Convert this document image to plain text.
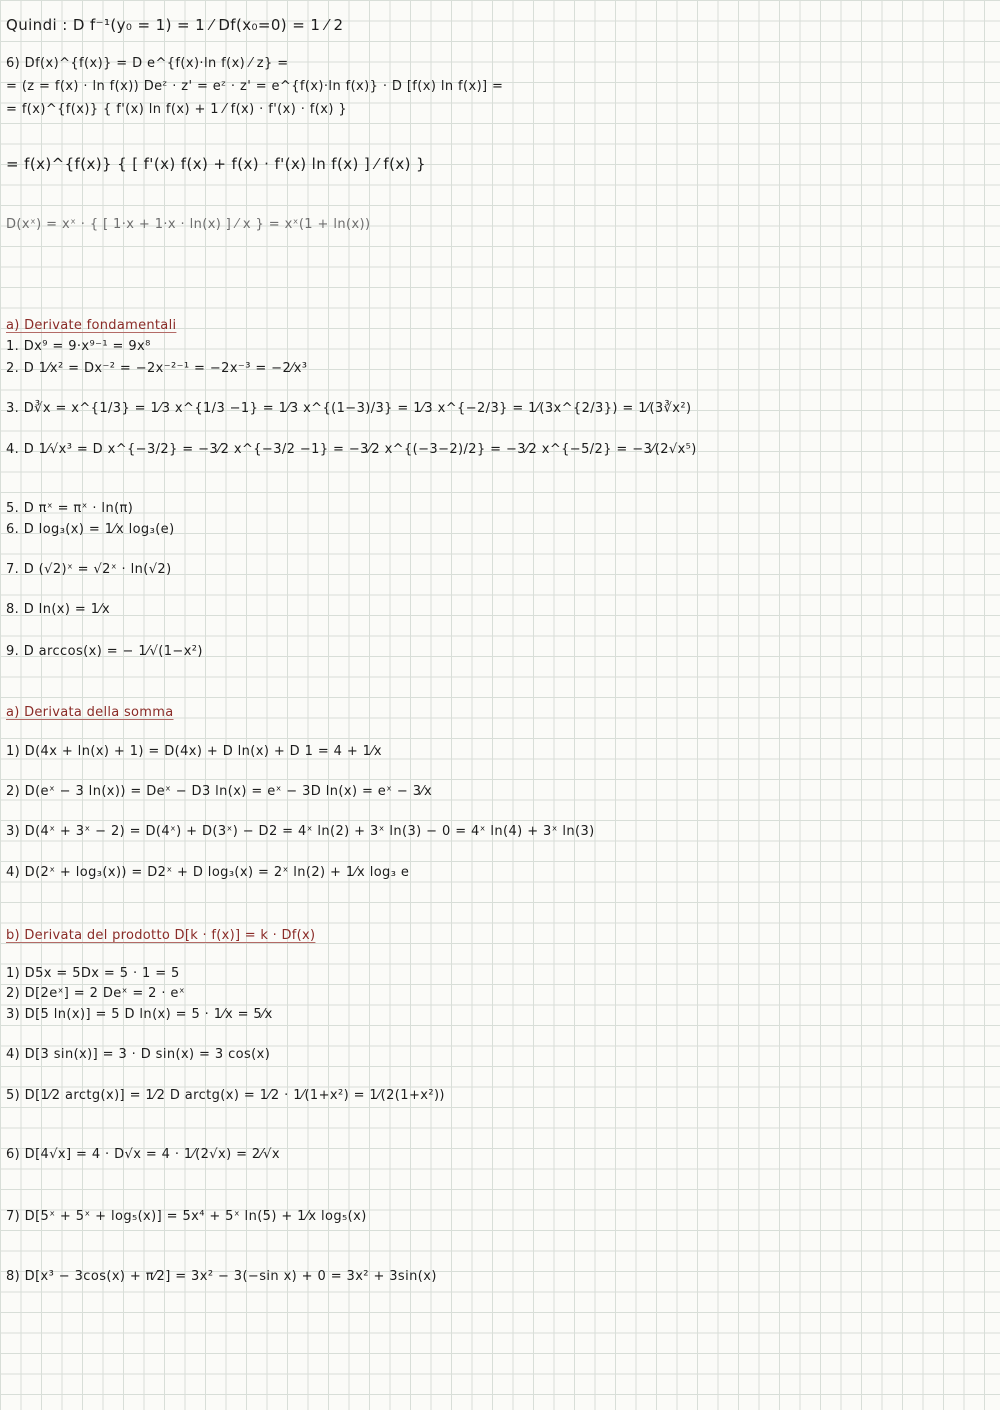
Quindi : D f⁻¹(y₀ = 1) = 1 ⁄ Df(x₀=0) = 1 ⁄ 2
6) Df(x)^{f(x)} = D e^{f(x)·ln f(x) ⁄ z} =
= (z = f(x) · ln f(x)) Deᶻ · z' = eᶻ · z' = e^{f(x)·ln f(x)} · D [f(x) ln f(x)] =
= f(x)^{f(x)} { f'(x) ln f(x) + 1 ⁄ f(x) · f'(x) · f(x) }
= f(x)^{f(x)} { [ f'(x) f(x) + f(x) · f'(x) ln f(x) ] ⁄ f(x) }
D(xˣ) = xˣ · { [ 1·x + 1·x · ln(x) ] ⁄ x } = xˣ(1 + ln(x))
a) Derivate fondamentali
1. Dx⁹ = 9·x⁹⁻¹ = 9x⁸
2. D 1⁄x² = Dx⁻² = −2x⁻²⁻¹ = −2x⁻³ = −2⁄x³
3. D∛x = x^{1/3} = 1⁄3 x^{1/3 −1} = 1⁄3 x^{(1−3)/3} = 1⁄3 x^{−2/3} = 1⁄(3x^{2/3}) = 1⁄(3∛x²)
4. D 1⁄√x³ = D x^{−3/2} = −3⁄2 x^{−3/2 −1} = −3⁄2 x^{(−3−2)/2} = −3⁄2 x^{−5/2} = −3⁄(2√x⁵)
5. D πˣ = πˣ · ln(π)
6. D log₃(x) = 1⁄x log₃(e)
7. D (√2)ˣ = √2ˣ · ln(√2)
8. D ln(x) = 1⁄x
9. D arccos(x) = − 1⁄√(1−x²)
a) Derivata della somma
1) D(4x + ln(x) + 1) = D(4x) + D ln(x) + D 1 = 4 + 1⁄x
2) D(eˣ − 3 ln(x)) = Deˣ − D3 ln(x) = eˣ − 3D ln(x) = eˣ − 3⁄x
3) D(4ˣ + 3ˣ − 2) = D(4ˣ) + D(3ˣ) − D2 = 4ˣ ln(2) + 3ˣ ln(3) − 0 = 4ˣ ln(4) + 3ˣ ln(3)
4) D(2ˣ + log₃(x)) = D2ˣ + D log₃(x) = 2ˣ ln(2) + 1⁄x log₃ e
b) Derivata del prodotto D[k · f(x)] = k · Df(x)
1) D5x = 5Dx = 5 · 1 = 5
2) D[2eˣ] = 2 Deˣ = 2 · eˣ
3) D[5 ln(x)] = 5 D ln(x) = 5 · 1⁄x = 5⁄x
4) D[3 sin(x)] = 3 · D sin(x) = 3 cos(x)
5) D[1⁄2 arctg(x)] = 1⁄2 D arctg(x) = 1⁄2 · 1⁄(1+x²) = 1⁄(2(1+x²))
6) D[4√x] = 4 · D√x = 4 · 1⁄(2√x) = 2⁄√x
7) D[5ˣ + 5ˣ + log₅(x)] = 5x⁴ + 5ˣ ln(5) + 1⁄x log₅(x)
8) D[x³ − 3cos(x) + π⁄2] = 3x² − 3(−sin x) + 0 = 3x² + 3sin(x)
